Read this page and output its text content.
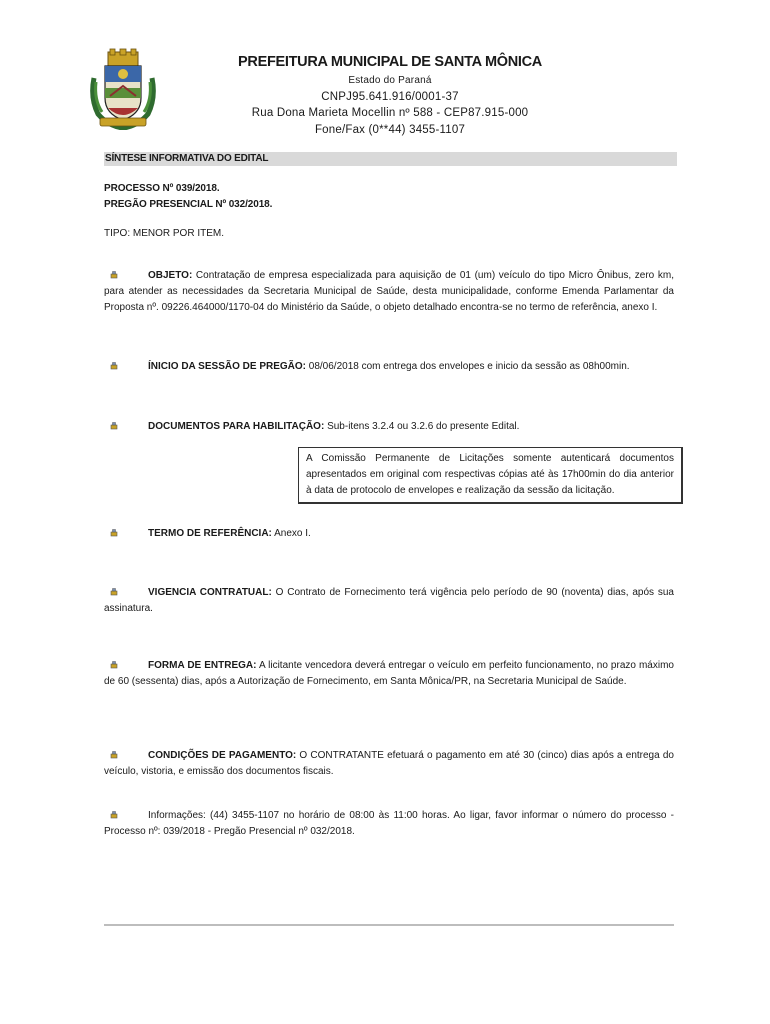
PREFEITURA MUNICIPAL DE SANTA MÔNICA
Estado do Paraná
CNPJ95.641.916/0001-37
Rua Dona Marieta Mocellin nº 588 - CEP87.915-000
Fone/Fax (0**44) 3455-1107
SÍNTESE INFORMATIVA DO EDITAL
PROCESSO Nº 039/2018.
PREGÃO PRESENCIAL Nº 032/2018.
TIPO: MENOR POR ITEM.
OBJETO: Contratação de empresa especializada para aquisição de 01 (um) veículo do tipo Micro Ônibus, zero km, para atender as necessidades da Secretaria Municipal de Saúde, desta municipalidade, conforme Emenda Parlamentar da Proposta nº. 09226.464000/1170-04 do Ministério da Saúde, o objeto detalhado encontra-se no termo de referência, anexo I.
ÍNICIO DA SESSÃO DE PREGÃO: 08/06/2018 com entrega dos envelopes e inicio da sessão as 08h00min.
DOCUMENTOS PARA HABILITAÇÃO: Sub-itens 3.2.4 ou 3.2.6 do presente Edital.
A Comissão Permanente de Licitações somente autenticará documentos apresentados em original com respectivas cópias até às 17h00min do dia anterior à data de protocolo de envelopes e realização da sessão da licitação.
TERMO DE REFERÊNCIA: Anexo I.
VIGENCIA CONTRATUAL: O Contrato de Fornecimento terá vigência pelo período de 90 (noventa) dias, após sua assinatura.
FORMA DE ENTREGA: A licitante vencedora deverá entregar o veículo em perfeito funcionamento, no prazo máximo de 60 (sessenta) dias, após a Autorização de Fornecimento, em Santa Mônica/PR, na Secretaria Municipal de Saúde.
CONDIÇÕES DE PAGAMENTO: O CONTRATANTE efetuará o pagamento em até 30 (cinco) dias após a entrega do veículo, vistoria, e emissão dos documentos fiscais.
Informações: (44) 3455-1107 no horário de 08:00 às 11:00 horas. Ao ligar, favor informar o número do processo - Processo nº: 039/2018 - Pregão Presencial nº 032/2018.
